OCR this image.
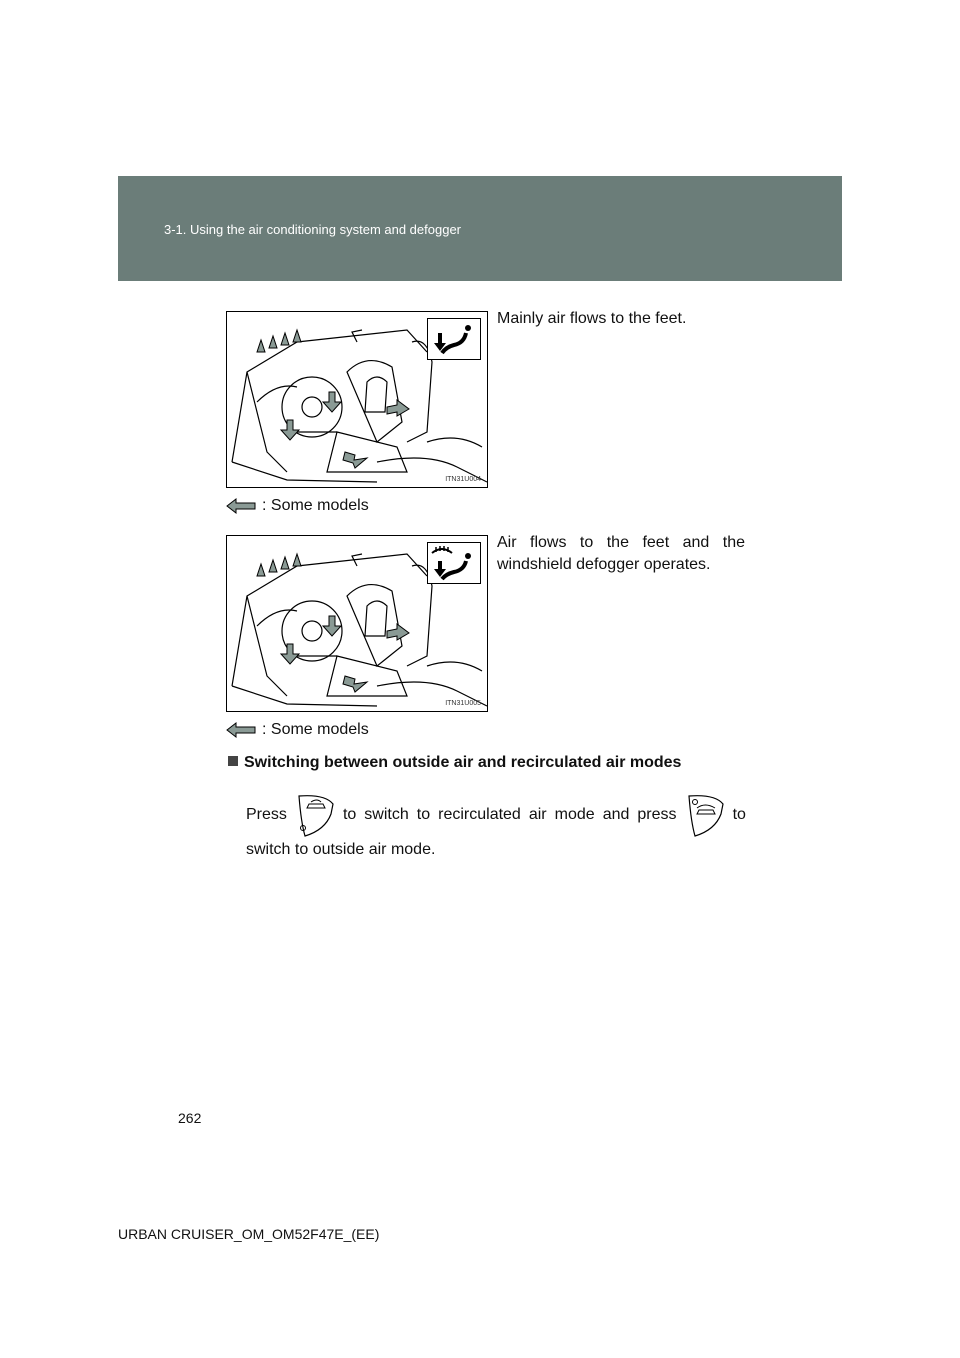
3-1. Using the air conditioning system and defogger
ITN31U004
Mainly air flows to the feet.
: Some models
ITN31U005
Air flows to the feet and the windshield defogger operates.
: Some models
Switching between outside air and recirculated air modes
Press	to switch to recirculated air mode and press	to
switch to outside air mode.
262
URBAN CRUISER_OM_OM52F47E_(EE)
